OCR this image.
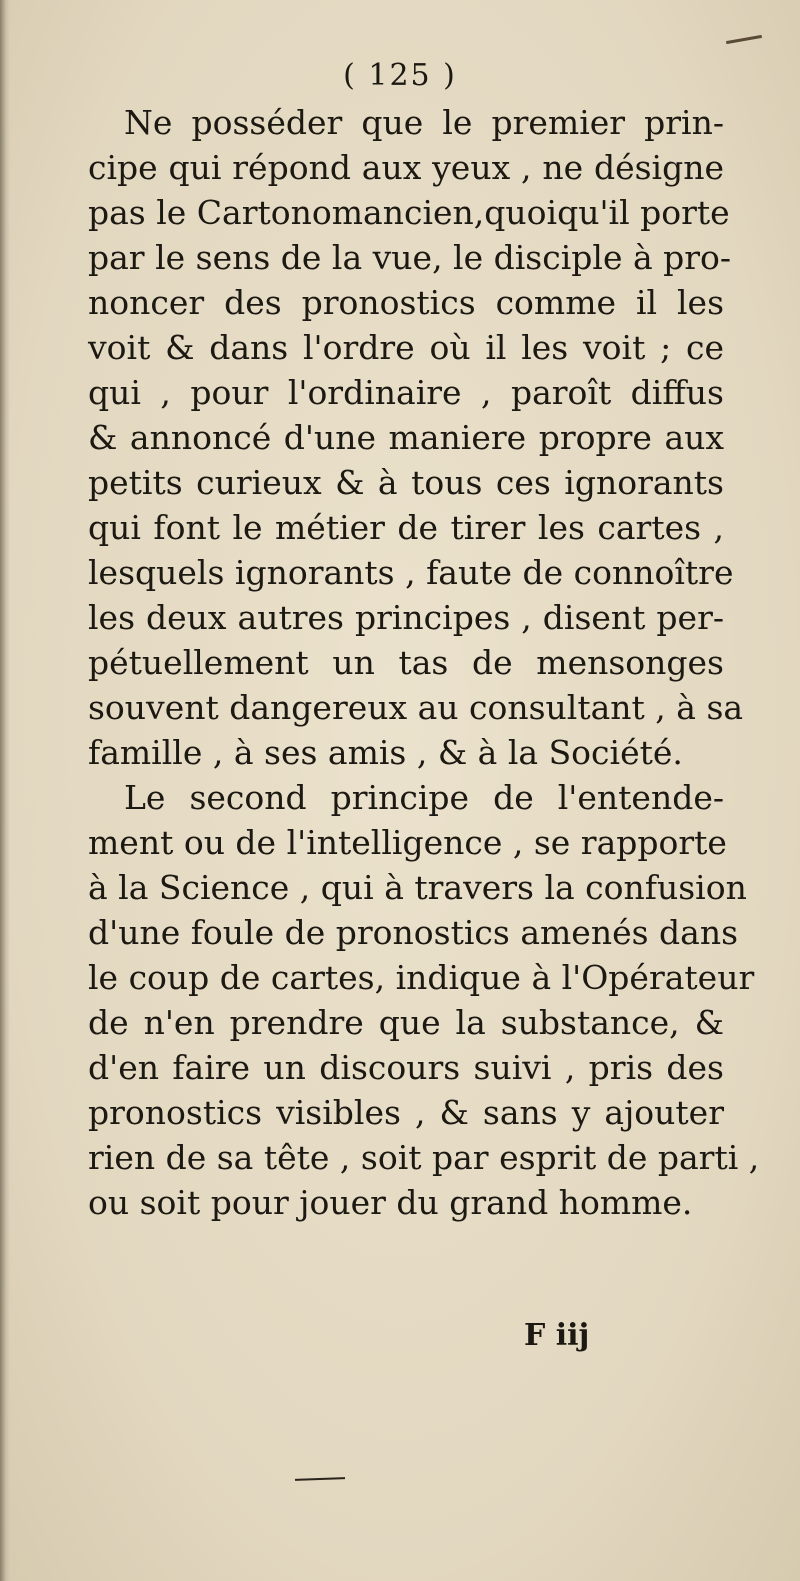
( 125 )
Ne posséder que le premier prin-
cipe qui répond aux yeux , ne désigne
pas le Cartonomancien,quoiqu'il porte
par le sens de la vue, le disciple à pro-
noncer des pronostics comme il les
voit & dans l'ordre où il les voit ; ce
qui , pour l'ordinaire , paroît diffus
& annoncé d'une maniere propre aux
petits curieux & à tous ces ignorants
qui font le métier de tirer les cartes ,
lesquels ignorants , faute de connoître
les deux autres principes , disent per-
pétuellement un tas de mensonges
souvent dangereux au consultant , à sa
famille , à ses amis , & à la Société.
Le second principe de l'entende-
ment ou de l'intelligence , se rapporte
à la Science , qui à travers la confusion
d'une foule de pronostics amenés dans
le coup de cartes, indique à l'Opérateur
de n'en prendre que la substance, &
d'en faire un discours suivi , pris des
pronostics visibles , & sans y ajouter
rien de sa tête , soit par esprit de parti ,
ou soit pour jouer du grand homme.
F iij
